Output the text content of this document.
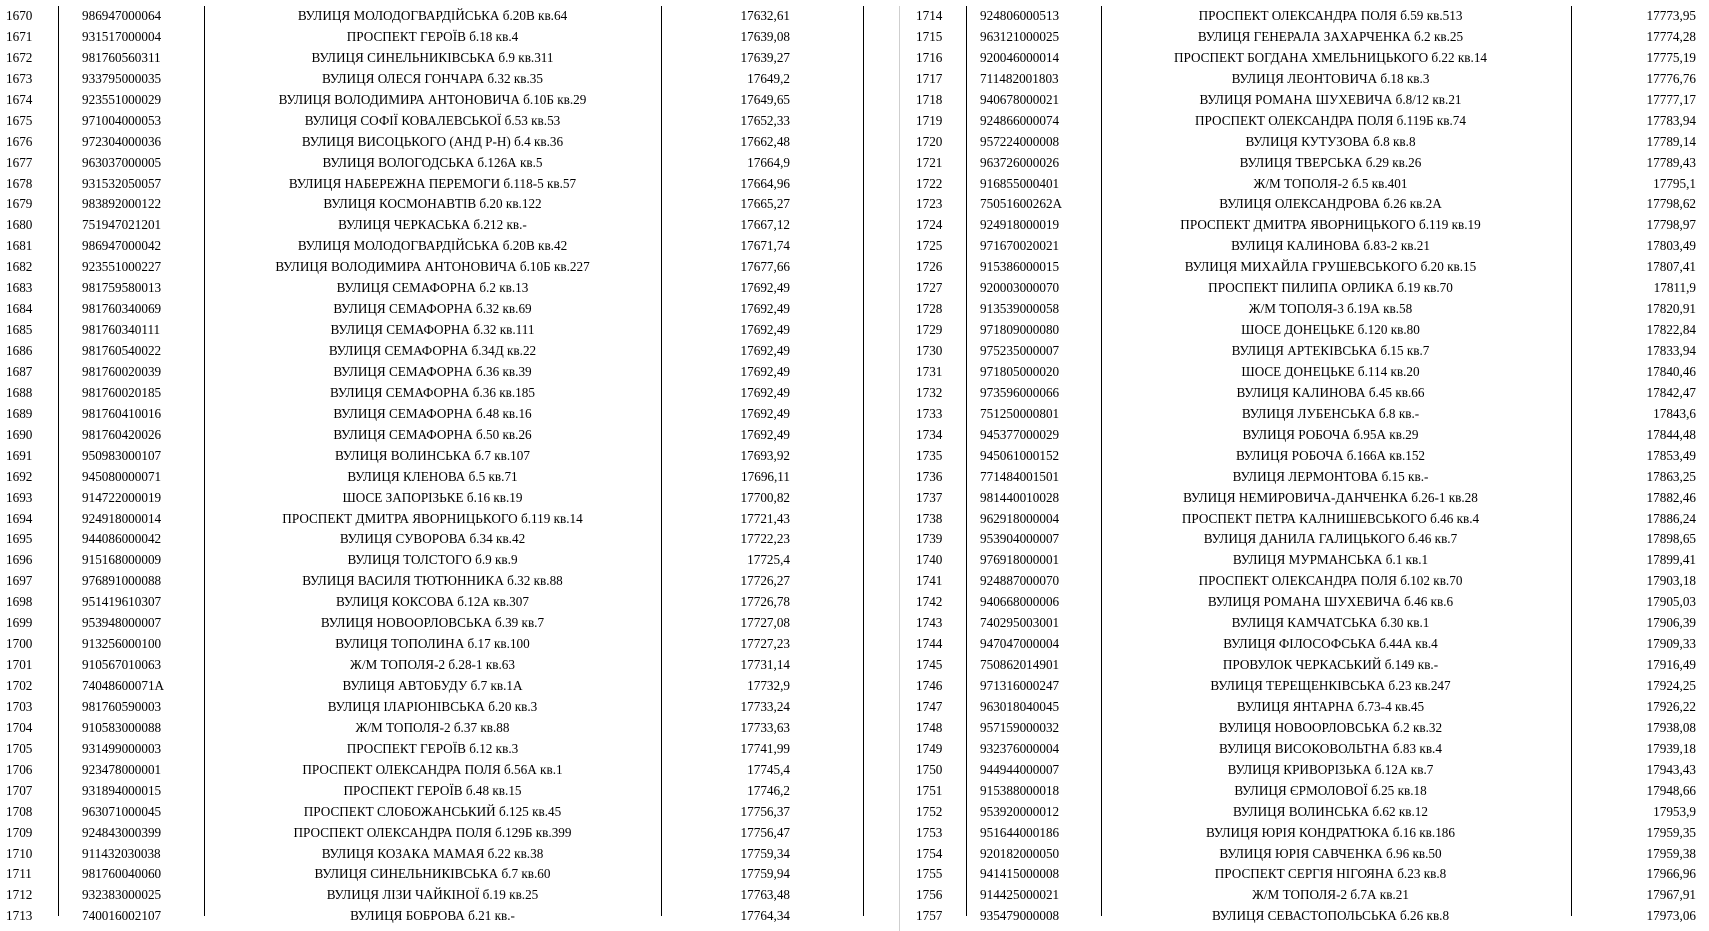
1670	986947000064	ВУЛИЦЯ МОЛОДОГВАРДІЙСЬКА б.20В кв.64	17632,61
1671	931517000004	ПРОСПЕКТ ГЕРОЇВ б.18 кв.4	17639,08
1672	981760560311	ВУЛИЦЯ СИНЕЛЬНИКІВСЬКА б.9 кв.311	17639,27
1673	933795000035	ВУЛИЦЯ ОЛЕСЯ ГОНЧАРА б.32 кв.35	17649,2
1674	923551000029	ВУЛИЦЯ ВОЛОДИМИРА АНТОНОВИЧА б.10Б кв.29	17649,65
1675	971004000053	ВУЛИЦЯ СОФІЇ КОВАЛЕВСЬКОЇ б.53 кв.53	17652,33
1676	972304000036	ВУЛИЦЯ ВИСОЦЬКОГО (АНД Р-Н) б.4 кв.36	17662,48
1677	963037000005	ВУЛИЦЯ ВОЛОГОДСЬКА б.126А кв.5	17664,9
1678	931532050057	ВУЛИЦЯ НАБЕРЕЖНА ПЕРЕМОГИ б.118-5 кв.57	17664,96
1679	983892000122	ВУЛИЦЯ КОСМОНАВТІВ б.20 кв.122	17665,27
1680	751947021201	ВУЛИЦЯ ЧЕРКАСЬКА б.212 кв.-	17667,12
1681	986947000042	ВУЛИЦЯ МОЛОДОГВАРДІЙСЬКА б.20В кв.42	17671,74
1682	923551000227	ВУЛИЦЯ ВОЛОДИМИРА АНТОНОВИЧА б.10Б кв.227	17677,66
1683	981759580013	ВУЛИЦЯ СЕМАФОРНА б.2 кв.13	17692,49
1684	981760340069	ВУЛИЦЯ СЕМАФОРНА б.32 кв.69	17692,49
1685	981760340111	ВУЛИЦЯ СЕМАФОРНА б.32 кв.111	17692,49
1686	981760540022	ВУЛИЦЯ СЕМАФОРНА б.34Д кв.22	17692,49
1687	981760020039	ВУЛИЦЯ СЕМАФОРНА б.36 кв.39	17692,49
1688	981760020185	ВУЛИЦЯ СЕМАФОРНА б.36 кв.185	17692,49
1689	981760410016	ВУЛИЦЯ СЕМАФОРНА б.48 кв.16	17692,49
1690	981760420026	ВУЛИЦЯ СЕМАФОРНА б.50 кв.26	17692,49
1691	950983000107	ВУЛИЦЯ ВОЛИНСЬКА б.7 кв.107	17693,92
1692	945080000071	ВУЛИЦЯ КЛЕНОВА б.5 кв.71	17696,11
1693	914722000019	ШОСЕ ЗАПОРІЗЬКЕ б.16 кв.19	17700,82
1694	924918000014	ПРОСПЕКТ ДМИТРА ЯВОРНИЦЬКОГО б.119 кв.14	17721,43
1695	944086000042	ВУЛИЦЯ СУВОРОВА б.34 кв.42	17722,23
1696	915168000009	ВУЛИЦЯ ТОЛСТОГО б.9 кв.9	17725,4
1697	976891000088	ВУЛИЦЯ ВАСИЛЯ ТЮТЮННИКА б.32 кв.88	17726,27
1698	951419610307	ВУЛИЦЯ КОКСОВА б.12А кв.307	17726,78
1699	953948000007	ВУЛИЦЯ НОВООРЛОВСЬКА б.39 кв.7	17727,08
1700	913256000100	ВУЛИЦЯ ТОПОЛИНА б.17 кв.100	17727,23
1701	910567010063	Ж/М ТОПОЛЯ-2 б.28-1 кв.63	17731,14
1702	74048600071А	ВУЛИЦЯ АВТОБУДУ б.7 кв.1А	17732,9
1703	981760590003	ВУЛИЦЯ ІЛАРІОНІВСЬКА б.20 кв.3	17733,24
1704	910583000088	Ж/М ТОПОЛЯ-2 б.37 кв.88	17733,63
1705	931499000003	ПРОСПЕКТ ГЕРОЇВ б.12 кв.3	17741,99
1706	923478000001	ПРОСПЕКТ ОЛЕКСАНДРА ПОЛЯ б.56А кв.1	17745,4
1707	931894000015	ПРОСПЕКТ ГЕРОЇВ б.48 кв.15	17746,2
1708	963071000045	ПРОСПЕКТ СЛОБОЖАНСЬКИЙ б.125 кв.45	17756,37
1709	924843000399	ПРОСПЕКТ ОЛЕКСАНДРА ПОЛЯ б.129Б кв.399	17756,47
1710	911432030038	ВУЛИЦЯ КОЗАКА МАМАЯ б.22 кв.38	17759,34
1711	981760040060	ВУЛИЦЯ СИНЕЛЬНИКІВСЬКА б.7 кв.60	17759,94
1712	932383000025	ВУЛИЦЯ ЛІЗИ ЧАЙКІНОЇ б.19 кв.25	17763,48
1713	740016002107	ВУЛИЦЯ БОБРОВА б.21 кв.-	17764,34
1714	924806000513	ПРОСПЕКТ ОЛЕКСАНДРА ПОЛЯ б.59 кв.513	17773,95
1715	963121000025	ВУЛИЦЯ ГЕНЕРАЛА ЗАХАРЧЕНКА б.2 кв.25	17774,28
1716	920046000014	ПРОСПЕКТ БОГДАНА ХМЕЛЬНИЦЬКОГО б.22 кв.14	17775,19
1717	711482001803	ВУЛИЦЯ ЛЕОНТОВИЧА б.18 кв.3	17776,76
1718	940678000021	ВУЛИЦЯ РОМАНА ШУХЕВИЧА б.8/12 кв.21	17777,17
1719	924866000074	ПРОСПЕКТ ОЛЕКСАНДРА ПОЛЯ б.119Б кв.74	17783,94
1720	957224000008	ВУЛИЦЯ КУТУЗОВА б.8 кв.8	17789,14
1721	963726000026	ВУЛИЦЯ ТВЕРСЬКА б.29 кв.26	17789,43
1722	916855000401	Ж/М ТОПОЛЯ-2 б.5 кв.401	17795,1
1723	75051600262А	ВУЛИЦЯ ОЛЕКСАНДРОВА б.26 кв.2А	17798,62
1724	924918000019	ПРОСПЕКТ ДМИТРА ЯВОРНИЦЬКОГО б.119 кв.19	17798,97
1725	971670020021	ВУЛИЦЯ КАЛИНОВА б.83-2 кв.21	17803,49
1726	915386000015	ВУЛИЦЯ МИХАЙЛА ГРУШЕВСЬКОГО б.20 кв.15	17807,41
1727	920003000070	ПРОСПЕКТ ПИЛИПА ОРЛИКА б.19 кв.70	17811,9
1728	913539000058	Ж/М ТОПОЛЯ-3 б.19А кв.58	17820,91
1729	971809000080	ШОСЕ ДОНЕЦЬКЕ б.120 кв.80	17822,84
1730	975235000007	ВУЛИЦЯ АРТЕКІВСЬКА б.15 кв.7	17833,94
1731	971805000020	ШОСЕ ДОНЕЦЬКЕ б.114 кв.20	17840,46
1732	973596000066	ВУЛИЦЯ КАЛИНОВА б.45 кв.66	17842,47
1733	751250000801	ВУЛИЦЯ ЛУБЕНСЬКА б.8 кв.-	17843,6
1734	945377000029	ВУЛИЦЯ РОБОЧА б.95А кв.29	17844,48
1735	945061000152	ВУЛИЦЯ РОБОЧА б.166А кв.152	17853,49
1736	771484001501	ВУЛИЦЯ ЛЕРМОНТОВА б.15 кв.-	17863,25
1737	981440010028	ВУЛИЦЯ НЕМИРОВИЧА-ДАНЧЕНКА б.26-1 кв.28	17882,46
1738	962918000004	ПРОСПЕКТ ПЕТРА КАЛНИШЕВСЬКОГО б.46 кв.4	17886,24
1739	953904000007	ВУЛИЦЯ ДАНИЛА ГАЛИЦЬКОГО б.46 кв.7	17898,65
1740	976918000001	ВУЛИЦЯ МУРМАНСЬКА б.1 кв.1	17899,41
1741	924887000070	ПРОСПЕКТ ОЛЕКСАНДРА ПОЛЯ б.102 кв.70	17903,18
1742	940668000006	ВУЛИЦЯ РОМАНА ШУХЕВИЧА б.46 кв.6	17905,03
1743	740295003001	ВУЛИЦЯ КАМЧАТСЬКА б.30 кв.1	17906,39
1744	947047000004	ВУЛИЦЯ ФІЛОСОФСЬКА б.44А кв.4	17909,33
1745	750862014901	ПРОВУЛОК ЧЕРКАСЬКИЙ б.149 кв.-	17916,49
1746	971316000247	ВУЛИЦЯ ТЕРЕЩЕНКІВСЬКА б.23 кв.247	17924,25
1747	963018040045	ВУЛИЦЯ ЯНТАРНА б.73-4 кв.45	17926,22
1748	957159000032	ВУЛИЦЯ НОВООРЛОВСЬКА б.2 кв.32	17938,08
1749	932376000004	ВУЛИЦЯ ВИСОКОВОЛЬТНА б.83 кв.4	17939,18
1750	944944000007	ВУЛИЦЯ КРИВОРІЗЬКА б.12А кв.7	17943,43
1751	915388000018	ВУЛИЦЯ ЄРМОЛОВОЇ б.25 кв.18	17948,66
1752	953920000012	ВУЛИЦЯ ВОЛИНСЬКА б.62 кв.12	17953,9
1753	951644000186	ВУЛИЦЯ ЮРІЯ КОНДРАТЮКА б.16 кв.186	17959,35
1754	920182000050	ВУЛИЦЯ ЮРІЯ САВЧЕНКА б.96 кв.50	17959,38
1755	941415000008	ПРОСПЕКТ СЕРГІЯ НІГОЯНА б.23 кв.8	17966,96
1756	914425000021	Ж/М ТОПОЛЯ-2 б.7А кв.21	17967,91
1757	935479000008	ВУЛИЦЯ СЕВАСТОПОЛЬСЬКА б.26 кв.8	17973,06
